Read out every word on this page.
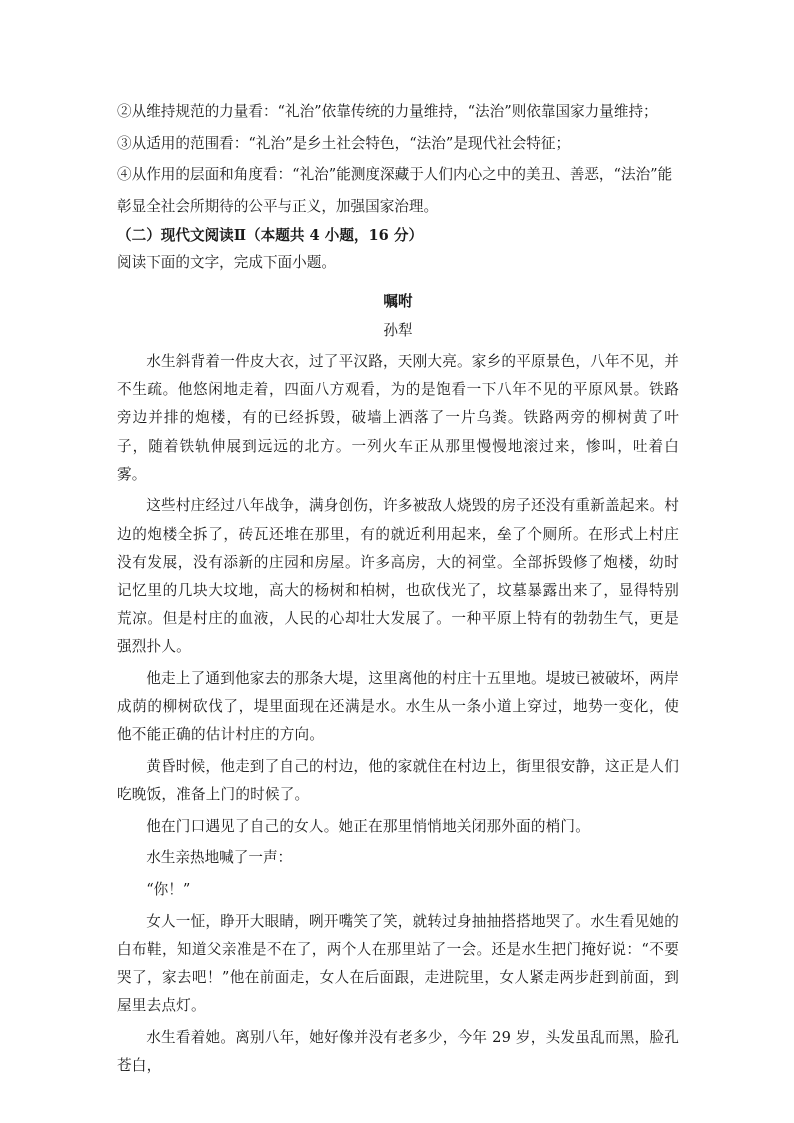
②从维持规范的力量看：“礼治”依靠传统的力量维持，“法治”则依靠国家力量维持；

③从适用的范围看：“礼治”是乡土社会特色，“法治”是现代社会特征；

④从作用的层面和角度看：“礼治”能测度深藏于人们内心之中的美丑、善恶，“法治”能

彰显全社会所期待的公平与正义，加强国家治理。

（二）现代文阅读Ⅱ（本题共 4 小题，16 分）

阅读下面的文字，完成下面小题。

嘱咐

孙犁

水生斜背着一件皮大衣，过了平汉路，天刚大亮。家乡的平原景色，八年不见，并不生疏。他悠闲地走着，四面八方观看，为的是饱看一下八年不见的平原风景。铁路旁边并排的炮楼，有的已经拆毁，破墙上洒落了一片乌粪。铁路两旁的柳树黄了叶子，随着铁轨伸展到远远的北方。一列火车正从那里慢慢地滚过来，惨叫，吐着白雾。

这些村庄经过八年战争，满身创伤，许多被敌人烧毁的房子还没有重新盖起来。村边的炮楼全拆了，砖瓦还堆在那里，有的就近利用起来，垒了个厕所。在形式上村庄没有发展，没有添新的庄园和房屋。许多高房，大的祠堂。全部拆毁修了炮楼，幼时记忆里的几块大坟地，高大的杨树和柏树，也砍伐光了，坟墓暴露出来了，显得特别荒凉。但是村庄的血液，人民的心却壮大发展了。一种平原上特有的勃勃生气，更是强烈扑人。

他走上了通到他家去的那条大堤，这里离他的村庄十五里地。堤坡已被破坏，两岸成荫的柳树砍伐了，堤里面现在还满是水。水生从一条小道上穿过，地势一变化，使他不能正确的估计村庄的方向。

黄昏时候，他走到了自己的村边，他的家就住在村边上，街里很安静，这正是人们吃晚饭，准备上门的时候了。

他在门口遇见了自己的女人。她正在那里悄悄地关闭那外面的梢门。

水生亲热地喊了一声：

“你！”

女人一怔，睁开大眼睛，咧开嘴笑了笑，就转过身抽抽搭搭地哭了。水生看见她的白布鞋，知道父亲准是不在了，两个人在那里站了一会。还是水生把门掩好说：“不要哭了，家去吧！”他在前面走，女人在后面跟，走进院里，女人紧走两步赶到前面，到屋里去点灯。

水生看着她。离别八年，她好像并没有老多少，今年 29 岁，头发虽乱而黑，脸孔苍白，
